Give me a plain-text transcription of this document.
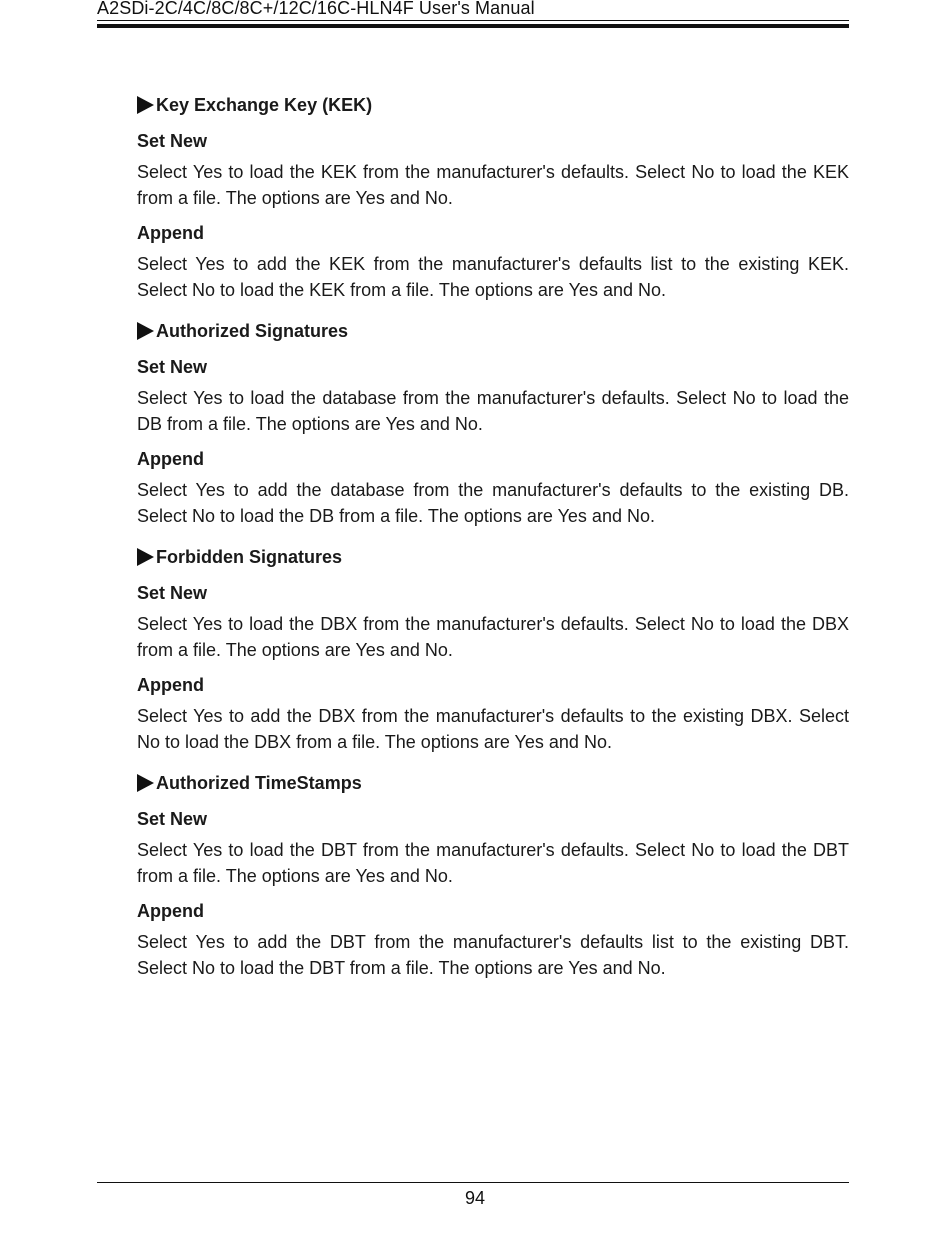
A2SDi-2C/4C/8C/8C+/12C/16C-HLN4F User's Manual
Key Exchange Key (KEK)
Set New

Select Yes to load the KEK from the manufacturer's defaults. Select No to load the KEK from a file. The options are Yes and No.

Append

Select Yes to add the KEK from the manufacturer's defaults list to the existing KEK. Select No to load the KEK from a file. The options are Yes and No.

Authorized Signatures
Set New

Select Yes to load the database from the manufacturer's defaults. Select No to load the DB from a file. The options are Yes and No.

Append

Select Yes to add the database from the manufacturer's defaults to the existing DB. Select No to load the DB from a file. The options are Yes and No.

Forbidden Signatures
Set New

Select Yes to load the DBX from the manufacturer's defaults. Select No to load the DBX from a file. The options are Yes and No.

Append

Select Yes to add the DBX from the manufacturer's defaults to the existing DBX. Select No to load the DBX from a file. The options are Yes and No.

Authorized TimeStamps
Set New

Select Yes to load the DBT from the manufacturer's defaults. Select No to load the DBT from a file. The options are Yes and No.

Append

Select Yes to add the DBT from the manufacturer's defaults list to the existing DBT. Select No to load the DBT from a file. The options are Yes and No.

94
